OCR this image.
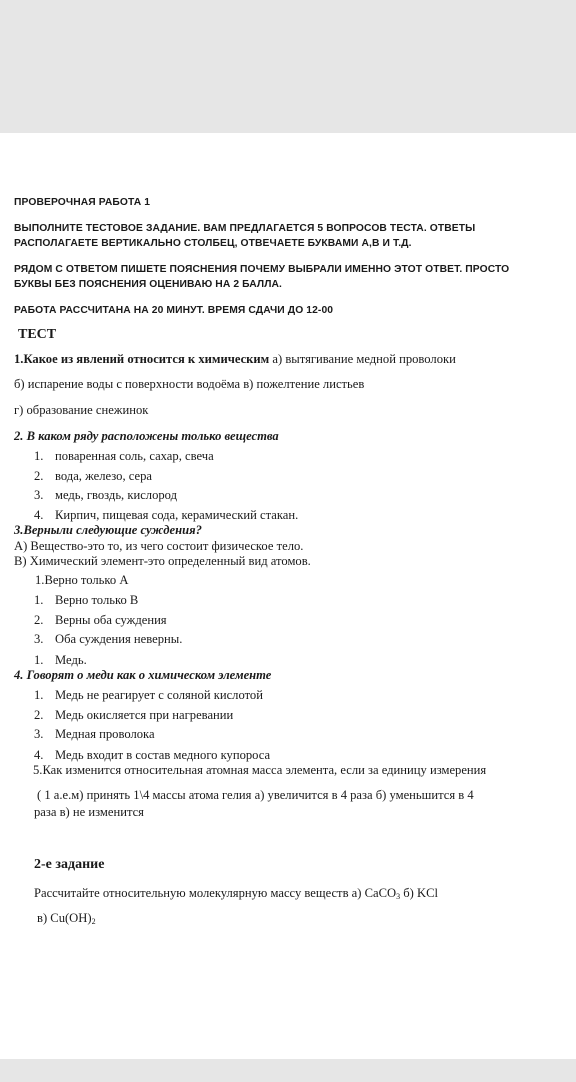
ПРОВЕРОЧНАЯ РАБОТА 1
ВЫПОЛНИТЕ ТЕСТОВОЕ ЗАДАНИЕ. ВАМ ПРЕДЛАГАЕТСЯ 5 ВОПРОСОВ ТЕСТА. ОТВЕТЫ
РАСПОЛАГАЕТЕ ВЕРТИКАЛЬНО СТОЛБЕЦ, ОТВЕЧАЕТЕ БУКВАМИ А,В И Т.Д.
РЯДОМ С ОТВЕТОМ ПИШЕТЕ ПОЯСНЕНИЯ ПОЧЕМУ ВЫБРАЛИ ИМЕННО ЭТОТ ОТВЕТ. ПРОСТО
БУКВЫ БЕЗ ПОЯСНЕНИЯ ОЦЕНИВАЮ НА 2 БАЛЛА.
РАБОТА РАССЧИТАНА НА 20 МИНУТ. ВРЕМЯ СДАЧИ ДО 12-00
ТЕСТ
1.Какое из явлений относится к химическим а) вытягивание медной проволоки
б) испарение воды с поверхности водоёма в) пожелтение листьев
г) образование снежинок
2. В каком ряду расположены только вещества
1. поваренная соль, сахар, свеча
2. вода, железо, сера
3. медь, гвоздь, кислород
4. Кирпич, пищевая сода, керамический стакан.
3.Верныли следующие суждения?
А) Вещество-это то, из чего состоит физическое тело.
В) Химический элемент-это определенный вид атомов.
1.Верно только А
1. Верно только В
2. Верны оба суждения
3. Оба суждения неверны.
1. Медь.
4. Говорят о меди как о химическом элементе
1. Медь не реагирует с соляной кислотой
2. Медь окисляется при нагревании
3. Медная проволока
4. Медь входит в состав медного купороса
5.Как изменится относительная атомная масса элемента, если за единицу измерения
( 1 а.е.м) принять 1\4 массы атома гелия а) увеличится в 4 раза б) уменьшится в 4
раза в) не изменится
2-е задание
Рассчитайте относительную молекулярную массу веществ а) CaCO$_3$ б) KCl
в) $Cu(OH)_2$
